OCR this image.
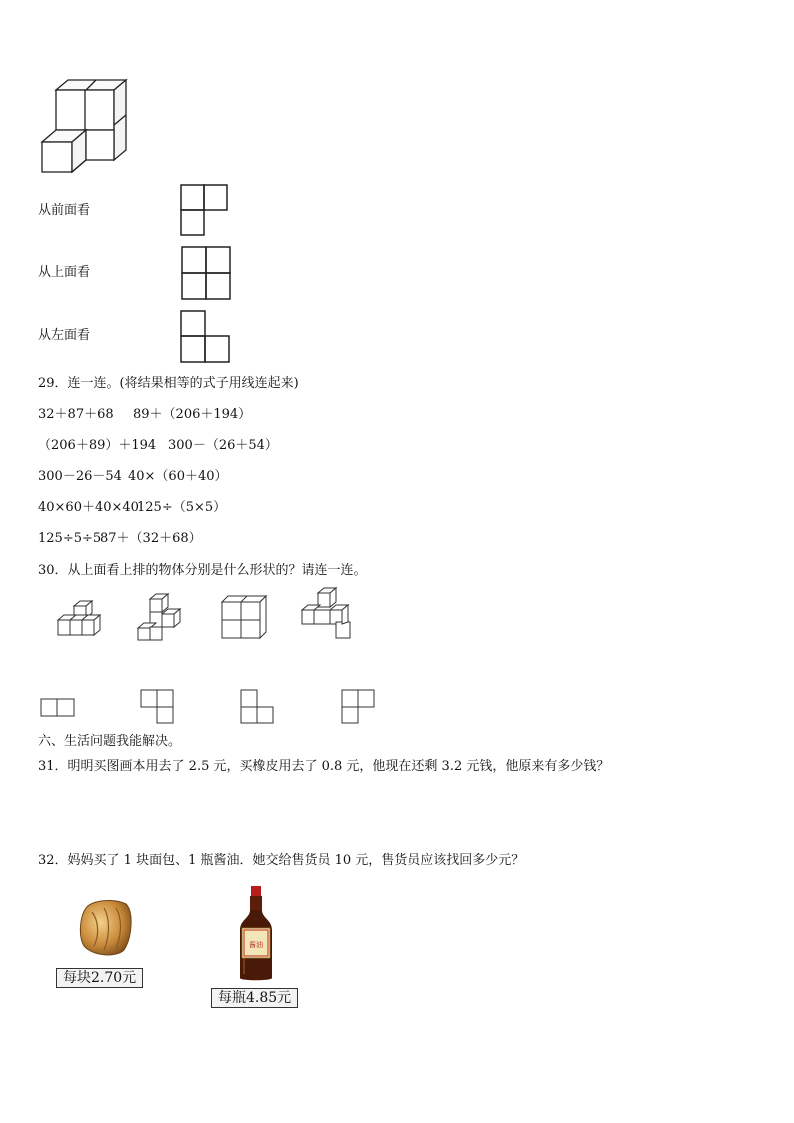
从前面看
从上面看
从左面看
29．连一连。(将结果相等的式子用线连起来)
32＋87＋68 89＋（206＋194）
（206＋89）＋194 300－（26＋54）
300－26－54 40×（60＋40）
40×60＋40×40
125÷（5×5）
125÷5÷5
87＋（32＋68）
30．从上面看上排的物体分别是什么形状的？请连一连。
六、生活问题我能解决。
31．明明买图画本用去了 2.5 元，买橡皮用去了 0.8 元，他现在还剩 3.2 元钱，他原来有多少钱？
32．妈妈买了 1 块面包、1 瓶酱油．她交给售货员 10 元，售货员应该找回多少元？
每块2.70元
酱油
每瓶4.85元
